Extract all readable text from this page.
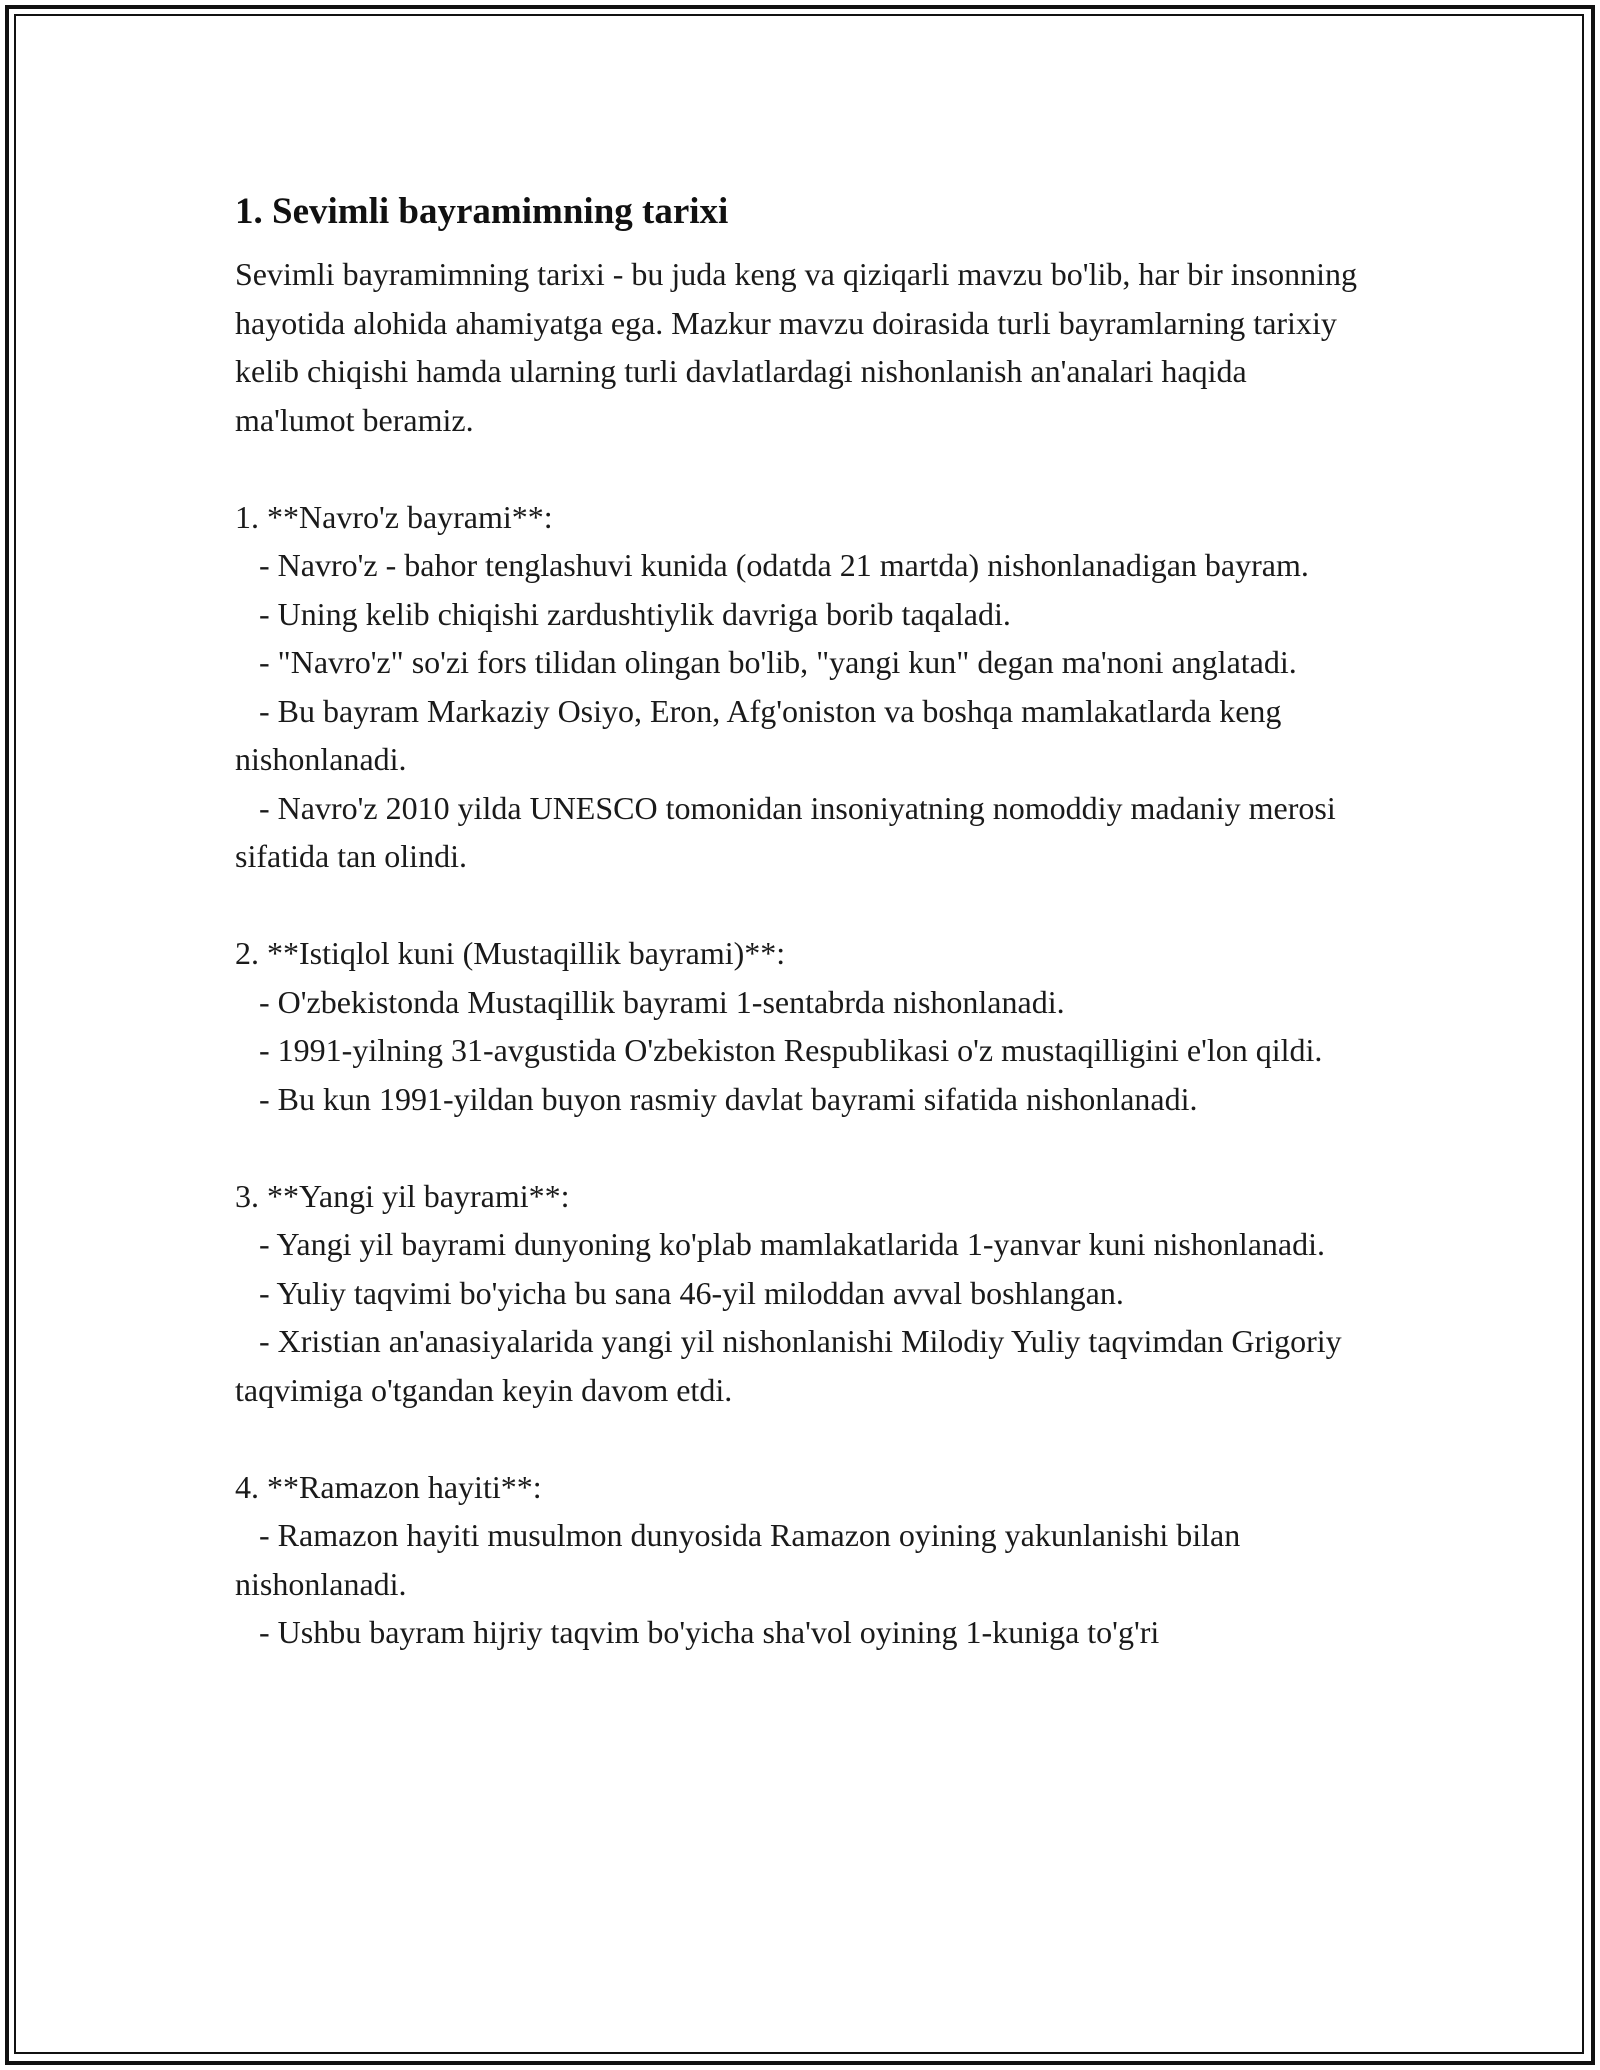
1. Sevimli bayramimning tarixi

Sevimli bayramimning tarixi - bu juda keng va qiziqarli mavzu bo'lib, har bir insonning hayotida alohida ahamiyatga ega. Mazkur mavzu doirasida turli bayramlarning tarixiy kelib chiqishi hamda ularning turli davlatlardagi nishonlanish an'analari haqida ma'lumot beramiz.

1. **Navro'z bayrami**:
- Navro'z - bahor tenglashuvi kunida (odatda 21 martda) nishonlanadigan bayram.
- Uning kelib chiqishi zardushtiylik davriga borib taqaladi.
- "Navro'z" so'zi fors tilidan olingan bo'lib, "yangi kun" degan ma'noni anglatadi.
- Bu bayram Markaziy Osiyo, Eron, Afg'oniston va boshqa mamlakatlarda keng nishonlanadi.
- Navro'z 2010 yilda UNESCO tomonidan insoniyatning nomoddiy madaniy merosi sifatida tan olindi.

2. **Istiqlol kuni (Mustaqillik bayrami)**:
- O'zbekistonda Mustaqillik bayrami 1-sentabrda nishonlanadi.
- 1991-yilning 31-avgustida O'zbekiston Respublikasi o'z mustaqilligini e'lon qildi.
- Bu kun 1991-yildan buyon rasmiy davlat bayrami sifatida nishonlanadi.

3. **Yangi yil bayrami**:
- Yangi yil bayrami dunyoning ko'plab mamlakatlarida 1-yanvar kuni nishonlanadi.
- Yuliy taqvimi bo'yicha bu sana 46-yil miloddan avval boshlangan.
- Xristian an'anasiyalarida yangi yil nishonlanishi Milodiy Yuliy taqvimdan Grigoriy taqvimiga o'tgandan keyin davom etdi.

4. **Ramazon hayiti**:
- Ramazon hayiti musulmon dunyosida Ramazon oyining yakunlanishi bilan nishonlanadi.
- Ushbu bayram hijriy taqvim bo'yicha sha'vol oyining 1-kuniga to'g'ri
